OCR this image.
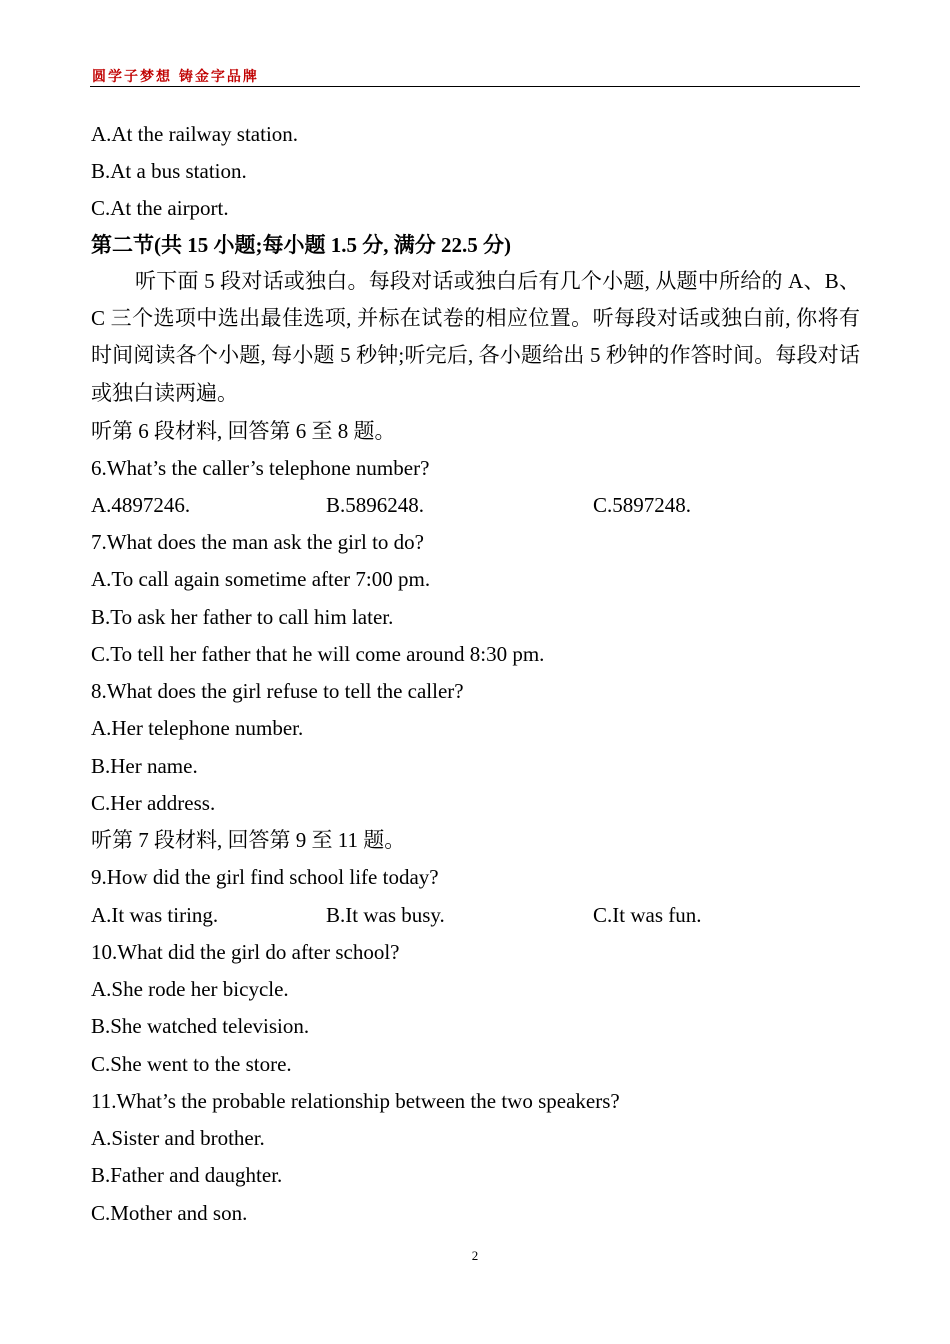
圆学子梦想 铸金字品牌
A.At the railway station.
B.At a bus station.
C.At the airport.
第二节(共 15 小题;每小题 1.5 分, 满分 22.5 分)
听下面 5 段对话或独白。每段对话或独白后有几个小题, 从题中所给的 A、B、C 三个选项中选出最佳选项, 并标在试卷的相应位置。听每段对话或独白前, 你将有时间阅读各个小题, 每小题 5 秒钟;听完后, 各小题给出 5 秒钟的作答时间。每段对话或独白读两遍。
听第 6 段材料, 回答第 6 至 8 题。
6.What’s the caller’s telephone number?
A.4897246.	B.5896248.	C.5897248.
7.What does the man ask the girl to do?
A.To call again sometime after 7:00 pm.
B.To ask her father to call him later.
C.To tell her father that he will come around 8:30 pm.
8.What does the girl refuse to tell the caller?
A.Her telephone number.
B.Her name.
C.Her address.
听第 7 段材料, 回答第 9 至 11 题。
9.How did the girl find school life today?
A.It was tiring.	B.It was busy.	C.It was fun.
10.What did the girl do after school?
A.She rode her bicycle.
B.She watched television.
C.She went to the store.
11.What’s the probable relationship between the two speakers?
A.Sister and brother.
B.Father and daughter.
C.Mother and son.
2
